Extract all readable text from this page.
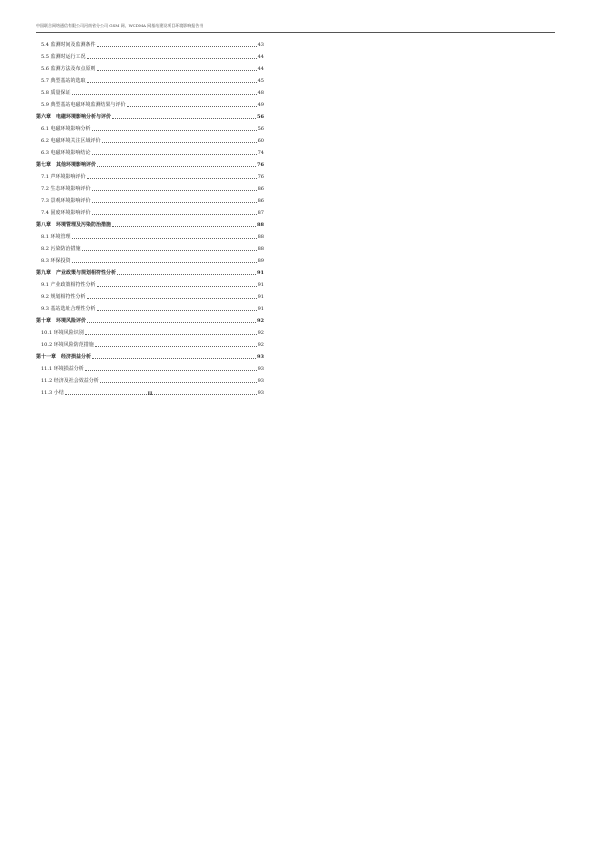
中国联合网络通信有限公司河南省分公司 GSM 网、WCDMA 网基站建设项目环境影响报告书
5.4 监测时间及监测条件	43
5.5 监测时运行工况	44
5.6 监测方法及布点原则	44
5.7 典型基站的选取	45
5.8 质量保证	48
5.9 典型基站电磁环境监测结果与评价	49
第六章　电磁环境影响分析与评价	56
6.1 电磁环境影响分析	56
6.2 电磁环境关注区域评价	60
6.3 电磁环境影响结论	74
第七章　其他环境影响评价	76
7.1 声环境影响评价	76
7.2 生态环境影响评价	86
7.3 景观环境影响评价	86
7.4 固废环境影响评价	87
第八章　环境管理及污染防治措施	88
8.1 环境管理	88
8.2 污染防治措施	88
8.3 环保投资	89
第九章　产业政策与规划相符性分析	91
9.1 产业政策相符性分析	91
9.2 规划相符性分析	91
9.3 基站选址合理性分析	91
第十章　环境风险评价	92
10.1 环境风险识别	92
10.2 环境风险防范措施	92
第十一章　经济损益分析	93
11.1 环境损益分析	93
11.2 经济及社会效益分析	93
11.3 小结	93
II
